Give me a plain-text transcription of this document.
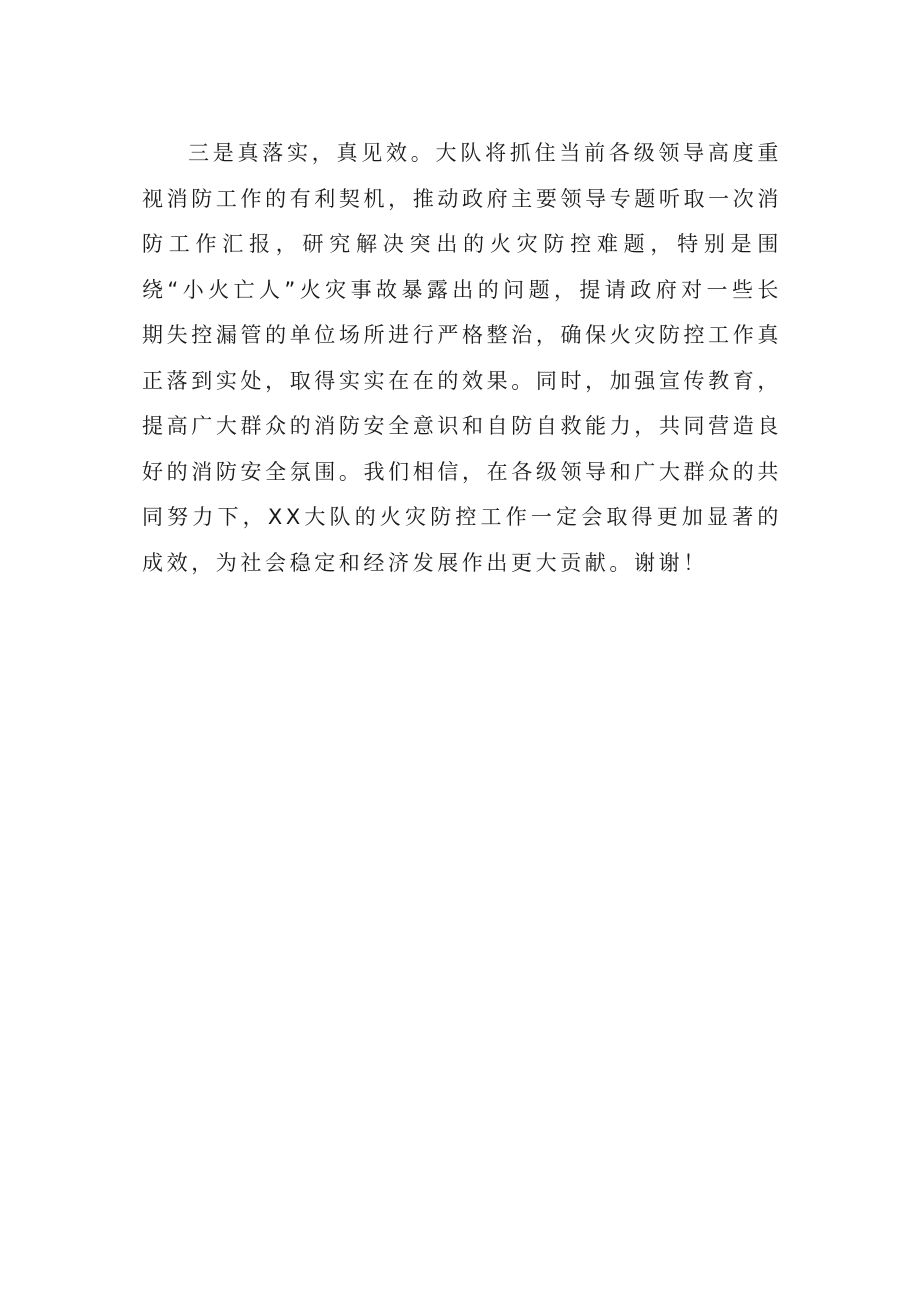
三是真落实，真见效。大队将抓住当前各级领导高度重视消防工作的有利契机，推动政府主要领导专题听取一次消防工作汇报，研究解决突出的火灾防控难题，特别是围绕“小火亡人”火灾事故暴露出的问题，提请政府对一些长期失控漏管的单位场所进行严格整治，确保火灾防控工作真正落到实处，取得实实在在的效果。同时，加强宣传教育，提高广大群众的消防安全意识和自防自救能力，共同营造良好的消防安全氛围。我们相信，在各级领导和广大群众的共同努力下，XX大队的火灾防控工作一定会取得更加显著的成效，为社会稳定和经济发展作出更大贡献。谢谢！
